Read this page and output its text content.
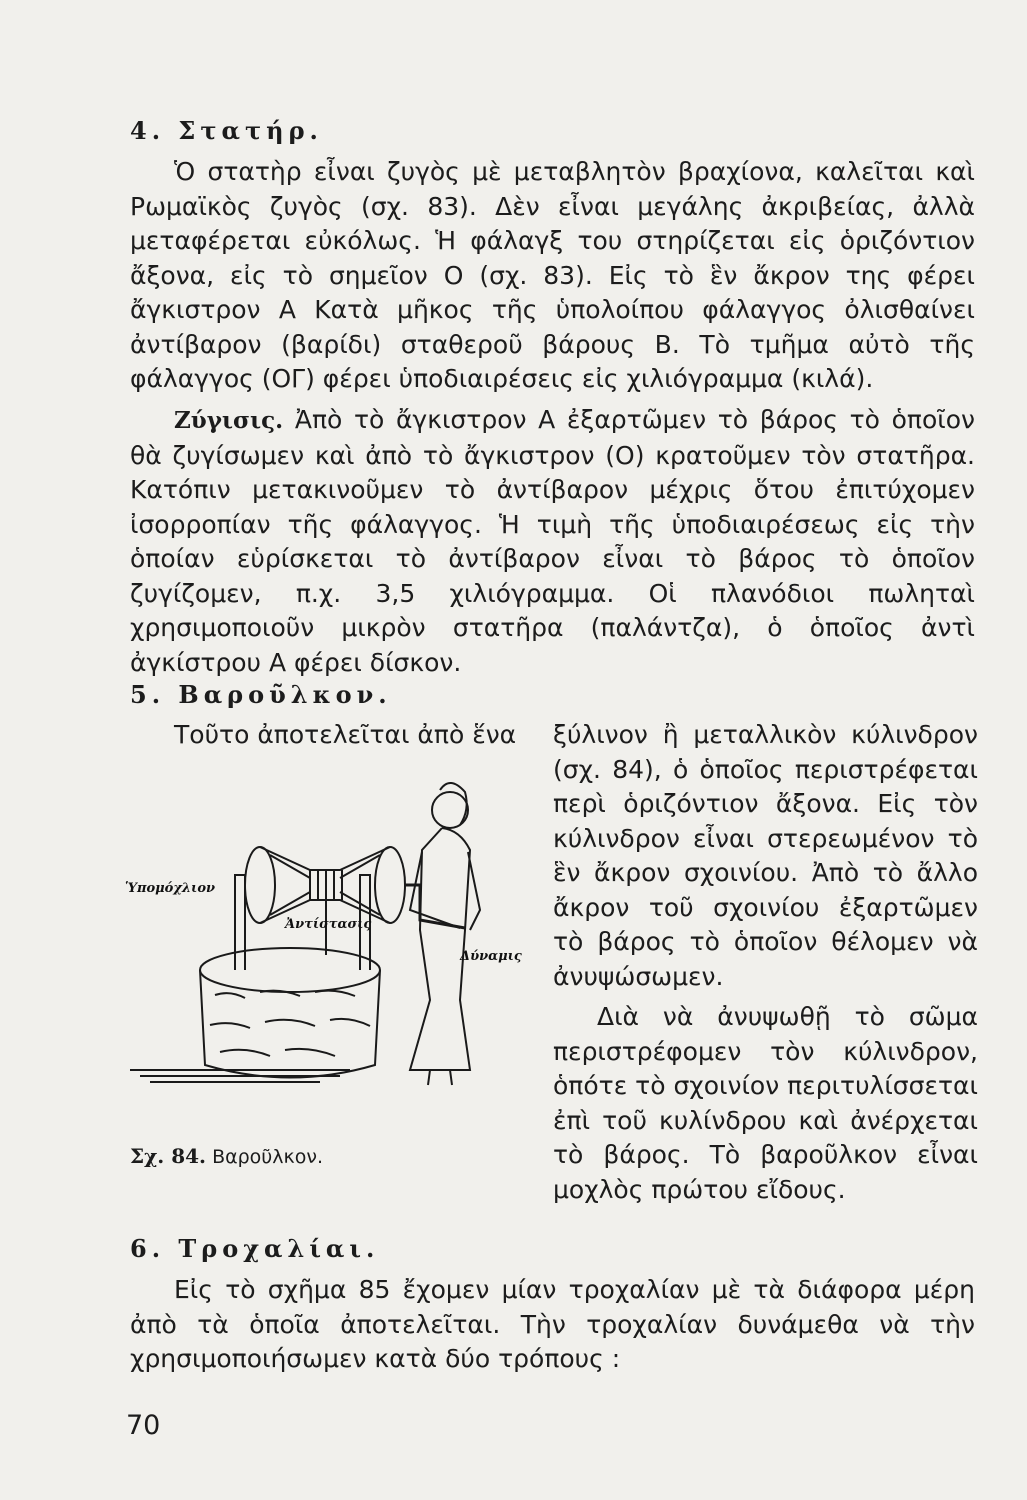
4. Στατήρ.

Ὁ στατὴρ εἶναι ζυγὸς μὲ μεταβλητὸν βραχίονα, καλεῖται καὶ Ρωμαϊκὸς ζυγὸς (σχ. 83). Δὲν εἶναι μεγάλης ἀκριβείας, ἀλλὰ μεταφέρεται εὐκόλως. Ἡ φάλαγξ του στηρίζεται εἰς ὁριζόντιον ἄξονα, εἰς τὸ σημεῖον Ο (σχ. 83). Εἰς τὸ ἓν ἄκρον της φέρει ἄγκιστρον Α Κατὰ μῆκος τῆς ὑπολοίπου φάλαγγος ὀλισθαίνει ἀντίβαρον (βαρίδι) σταθεροῦ βάρους Β. Τὸ τμῆμα αὐτὸ τῆς φάλαγγος (ΟΓ) φέρει ὑποδιαιρέσεις εἰς χιλιόγραμμα (κιλά).

Ζύγισις. Ἀπὸ τὸ ἄγκιστρον Α ἐξαρτῶμεν τὸ βάρος τὸ ὁποῖον θὰ ζυγίσωμεν καὶ ἀπὸ τὸ ἄγκιστρον (Ο) κρατοῦμεν τὸν στατῆρα. Κατόπιν μετακινοῦμεν τὸ ἀντίβαρον μέχρις ὅτου ἐπιτύχομεν ἰσορροπίαν τῆς φάλαγγος. Ἡ τιμὴ τῆς ὑποδιαιρέσεως εἰς τὴν ὁποίαν εὑρίσκεται τὸ ἀντίβαρον εἶναι τὸ βάρος τὸ ὁποῖον ζυγίζομεν, π.χ. 3,5 χιλιόγραμμα. Οἱ πλανόδιοι πωληταὶ χρησιμοποιοῦν μικρὸν στατῆρα (παλάντζα), ὁ ὁποῖος ἀντὶ ἀγκίστρου Α φέρει δίσκον.

5. Βαροῦλκον.
Τοῦτο ἀποτελεῖται ἀπὸ ἕνα ξύλινον ἢ μεταλλικὸν κύλινδρον (σχ. 84), ὁ ὁποῖος περιστρέφεται περὶ ὁριζόντιον ἄξονα. Εἰς τὸν κύλινδρον εἶναι στερεωμένον τὸ ἓν ἄκρον σχοινίου. Ἀπὸ τὸ ἄλλο ἄκρον τοῦ σχοινίου ἐξαρτῶμεν τὸ βάρος τὸ ὁποῖον θέλομεν νὰ ἀνυψώσωμεν.

Διὰ νὰ ἀνυψωθῇ τὸ σῶμα περιστρέφομεν τὸν κύλινδρον, ὁπότε τὸ σχοινίον περιτυλίσσεται ἐπὶ τοῦ κυλίνδρου καὶ ἀνέρχεται τὸ βάρος. Τὸ βαροῦλκον εἶναι μοχλὸς πρώτου εἴδους.

Ὑπομόχλιον
Ἀντίστασις
Δύναμις
Σχ. 84. Βαροῦλκον.
6. Τροχαλίαι.

Εἰς τὸ σχῆμα 85 ἔχομεν μίαν τροχαλίαν μὲ τὰ διάφορα μέρη ἀπὸ τὰ ὁποῖα ἀποτελεῖται. Τὴν τροχαλίαν δυνάμεθα νὰ τὴν χρησιμοποιήσωμεν κατὰ δύο τρόπους :

70
